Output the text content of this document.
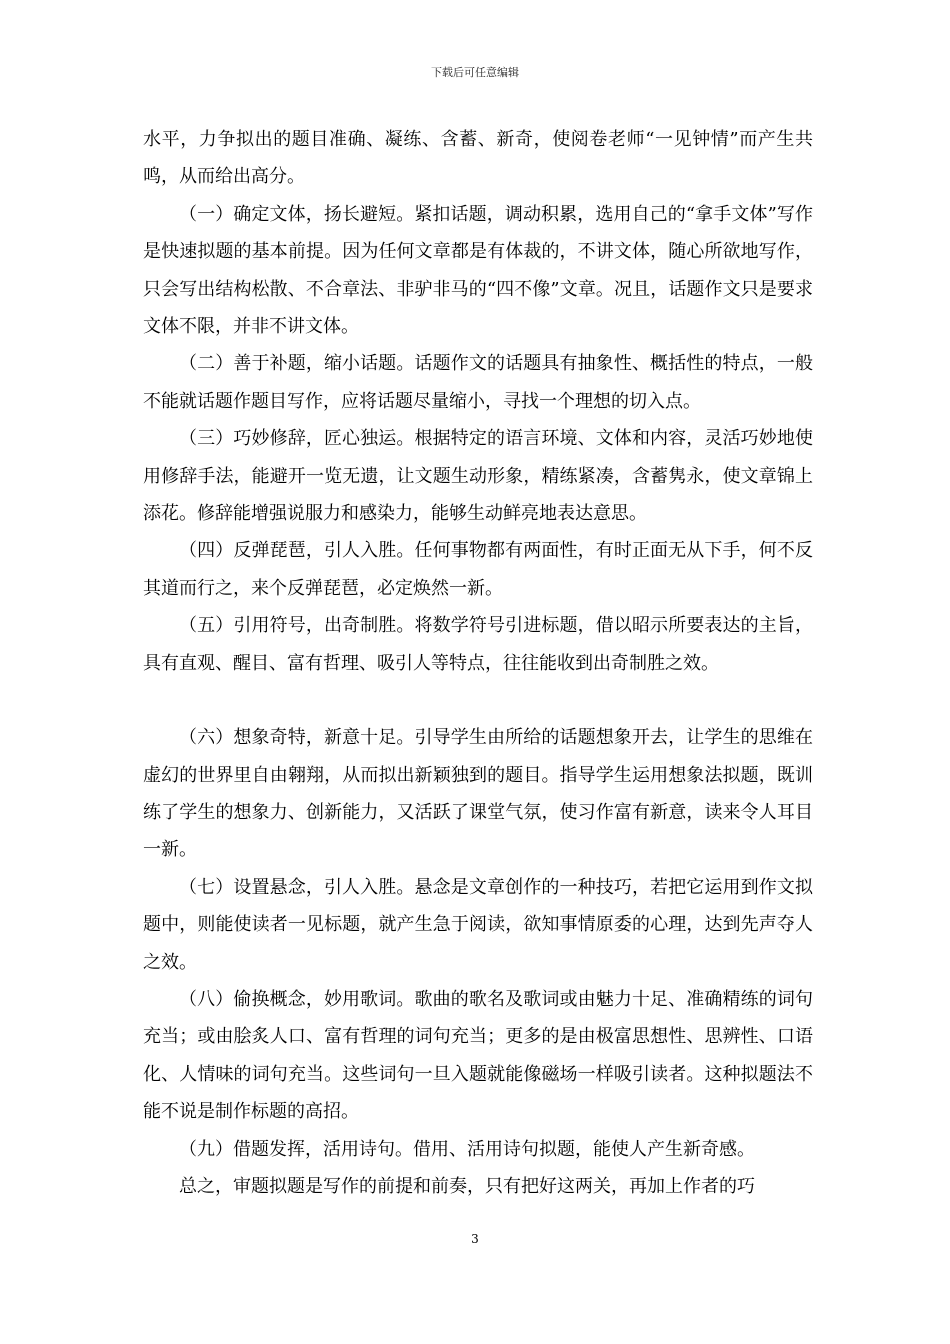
下载后可任意编辑

水平，力争拟出的题目准确、凝练、含蓄、新奇，使阅卷老师“一见钟情”而产生共鸣，从而给出高分。

（一）确定文体，扬长避短。紧扣话题，调动积累，选用自己的“拿手文体”写作是快速拟题的基本前提。因为任何文章都是有体裁的，不讲文体，随心所欲地写作，只会写出结构松散、不合章法、非驴非马的“四不像”文章。况且，话题作文只是要求文体不限，并非不讲文体。

（二）善于补题，缩小话题。话题作文的话题具有抽象性、概括性的特点，一般不能就话题作题目写作，应将话题尽量缩小，寻找一个理想的切入点。

（三）巧妙修辞，匠心独运。根据特定的语言环境、文体和内容，灵活巧妙地使用修辞手法，能避开一览无遗，让文题生动形象，精练紧凑，含蓄隽永，使文章锦上添花。修辞能增强说服力和感染力，能够生动鲜亮地表达意思。

（四）反弹琵琶，引人入胜。任何事物都有两面性，有时正面无从下手，何不反其道而行之，来个反弹琵琶，必定焕然一新。

（五）引用符号，出奇制胜。将数学符号引进标题，借以昭示所要表达的主旨，具有直观、醒目、富有哲理、吸引人等特点，往往能收到出奇制胜之效。

（六）想象奇特，新意十足。引导学生由所给的话题想象开去，让学生的思维在虚幻的世界里自由翱翔，从而拟出新颖独到的题目。指导学生运用想象法拟题，既训练了学生的想象力、创新能力，又活跃了课堂气氛，使习作富有新意，读来令人耳目一新。

（七）设置悬念，引人入胜。悬念是文章创作的一种技巧，若把它运用到作文拟题中，则能使读者一见标题，就产生急于阅读，欲知事情原委的心理，达到先声夺人之效。

（八）偷换概念，妙用歌词。歌曲的歌名及歌词或由魅力十足、准确精练的词句充当；或由脍炙人口、富有哲理的词句充当；更多的是由极富思想性、思辨性、口语化、人情味的词句充当。这些词句一旦入题就能像磁场一样吸引读者。这种拟题法不能不说是制作标题的高招。

（九）借题发挥，活用诗句。借用、活用诗句拟题，能使人产生新奇感。

总之，审题拟题是写作的前提和前奏，只有把好这两关，再加上作者的巧

3
